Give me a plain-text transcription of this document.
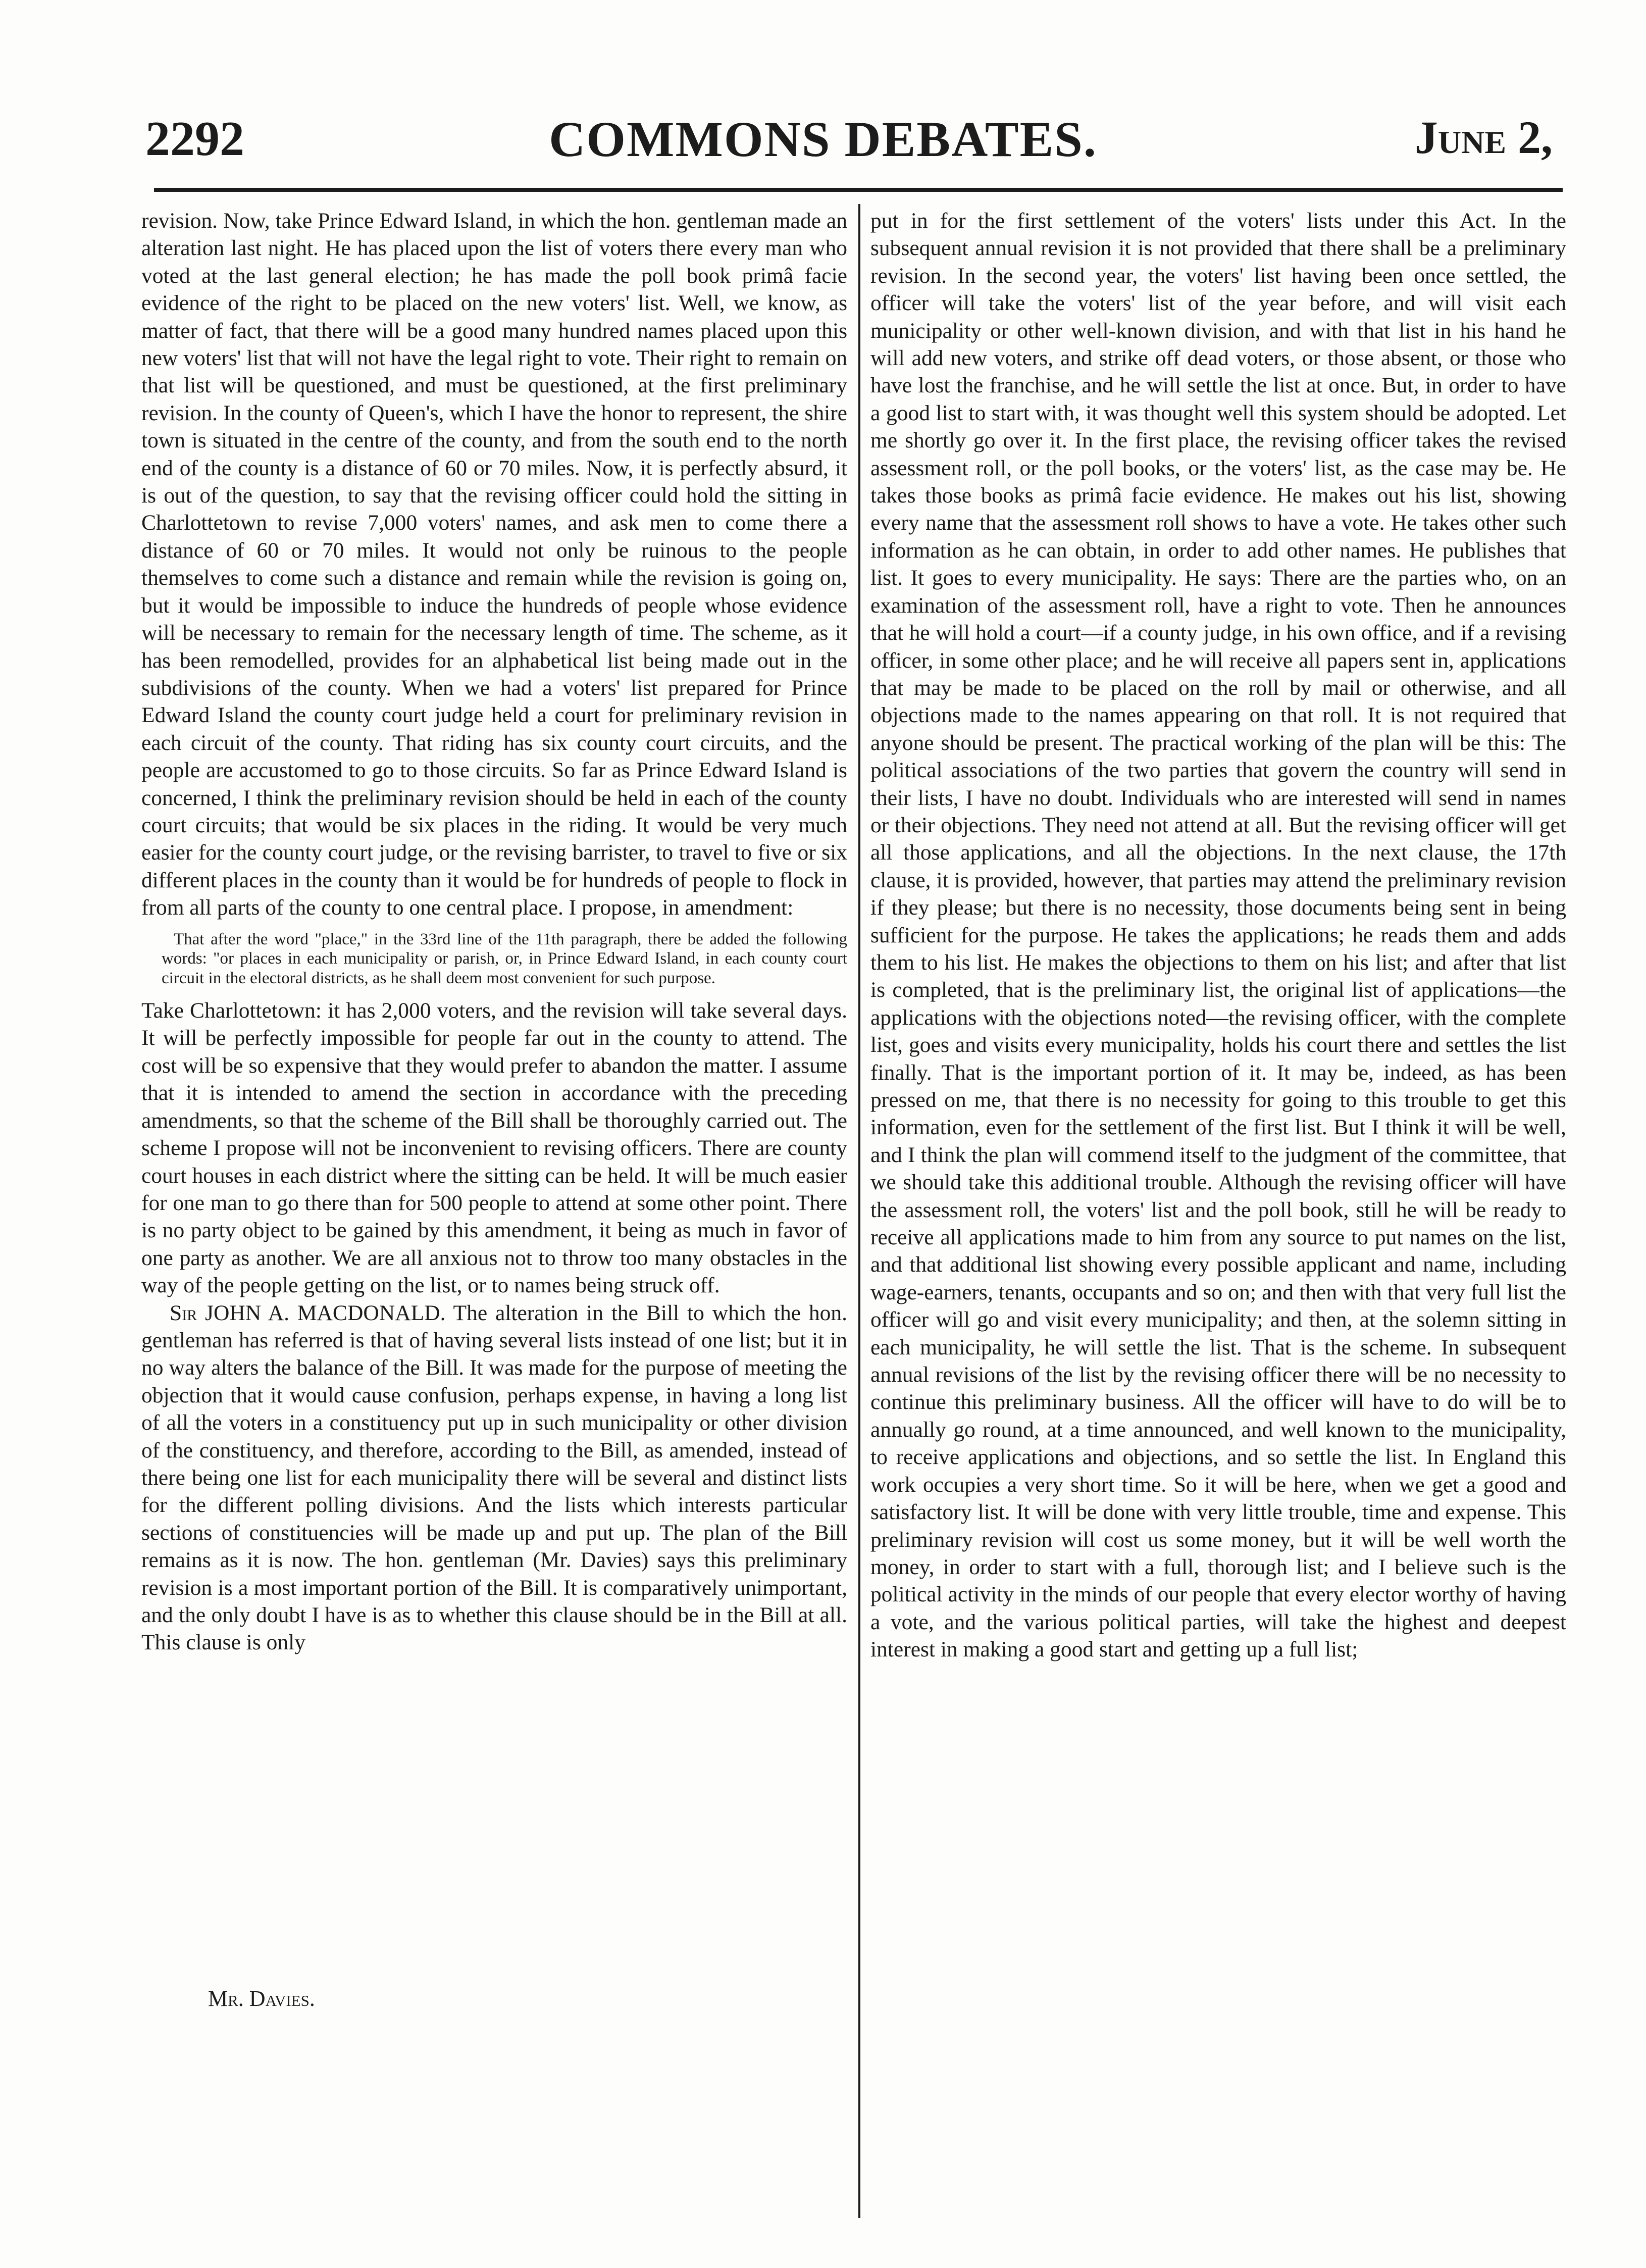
2292	COMMONS DEBATES.	June 2,

revision. Now, take Prince Edward Island, in which the hon. gentleman made an alteration last night. He has placed upon the list of voters there every man who voted at the last general election; he has made the poll book primâ facie evidence of the right to be placed on the new voters' list. Well, we know, as matter of fact, that there will be a good many hundred names placed upon this new voters' list that will not have the legal right to vote. Their right to remain on that list will be questioned, and must be questioned, at the first preliminary revision. In the county of Queen's, which I have the honor to represent, the shire town is situated in the centre of the county, and from the south end to the north end of the county is a distance of 60 or 70 miles. Now, it is perfectly absurd, it is out of the question, to say that the revising officer could hold the sitting in Charlottetown to revise 7,000 voters' names, and ask men to come there a distance of 60 or 70 miles. It would not only be ruinous to the people themselves to come such a distance and remain while the revision is going on, but it would be impossible to induce the hundreds of people whose evidence will be necessary to remain for the necessary length of time. The scheme, as it has been remodelled, provides for an alphabetical list being made out in the subdivisions of the county. When we had a voters' list prepared for Prince Edward Island the county court judge held a court for preliminary revision in each circuit of the county. That riding has six county court circuits, and the people are accustomed to go to those circuits. So far as Prince Edward Island is concerned, I think the preliminary revision should be held in each of the county court circuits; that would be six places in the riding. It would be very much easier for the county court judge, or the revising barrister, to travel to five or six different places in the county than it would be for hundreds of people to flock in from all parts of the county to one central place. I propose, in amendment:

That after the word "place," in the 33rd line of the 11th paragraph, there be added the following words: "or places in each municipality or parish, or, in Prince Edward Island, in each county court circuit in the electoral districts, as he shall deem most convenient for such purpose.

Take Charlottetown: it has 2,000 voters, and the revision will take several days. It will be perfectly impossible for people far out in the county to attend. The cost will be so expensive that they would prefer to abandon the matter. I assume that it is intended to amend the section in accordance with the preceding amendments, so that the scheme of the Bill shall be thoroughly carried out. The scheme I propose will not be inconvenient to revising officers. There are county court houses in each district where the sitting can be held. It will be much easier for one man to go there than for 500 people to attend at some other point. There is no party object to be gained by this amendment, it being as much in favor of one party as another. We are all anxious not to throw too many obstacles in the way of the people getting on the list, or to names being struck off.

Sir JOHN A. MACDONALD. The alteration in the Bill to which the hon. gentleman has referred is that of having several lists instead of one list; but it in no way alters the balance of the Bill. It was made for the purpose of meeting the objection that it would cause confusion, perhaps expense, in having a long list of all the voters in a constituency put up in such municipality or other division of the constituency, and therefore, according to the Bill, as amended, instead of there being one list for each municipality there will be several and distinct lists for the different polling divisions. And the lists which interests particular sections of constituencies will be made up and put up. The plan of the Bill remains as it is now. The hon. gentleman (Mr. Davies) says this preliminary revision is a most important portion of the Bill. It is comparatively unimportant, and the only doubt I have is as to whether this clause should be in the Bill at all. This clause is only

put in for the first settlement of the voters' lists under this Act. In the subsequent annual revision it is not provided that there shall be a preliminary revision. In the second year, the voters' list having been once settled, the officer will take the voters' list of the year before, and will visit each municipality or other well-known division, and with that list in his hand he will add new voters, and strike off dead voters, or those absent, or those who have lost the franchise, and he will settle the list at once. But, in order to have a good list to start with, it was thought well this system should be adopted. Let me shortly go over it. In the first place, the revising officer takes the revised assessment roll, or the poll books, or the voters' list, as the case may be. He takes those books as primâ facie evidence. He makes out his list, showing every name that the assessment roll shows to have a vote. He takes other such information as he can obtain, in order to add other names. He publishes that list. It goes to every municipality. He says: There are the parties who, on an examination of the assessment roll, have a right to vote. Then he announces that he will hold a court—if a county judge, in his own office, and if a revising officer, in some other place; and he will receive all papers sent in, applications that may be made to be placed on the roll by mail or otherwise, and all objections made to the names appearing on that roll. It is not required that anyone should be present. The practical working of the plan will be this: The political associations of the two parties that govern the country will send in their lists, I have no doubt. Individuals who are interested will send in names or their objections. They need not attend at all. But the revising officer will get all those applications, and all the objections. In the next clause, the 17th clause, it is provided, however, that parties may attend the preliminary revision if they please; but there is no necessity, those documents being sent in being sufficient for the purpose. He takes the applications; he reads them and adds them to his list. He makes the objections to them on his list; and after that list is completed, that is the preliminary list, the original list of applications—the applications with the objections noted—the revising officer, with the complete list, goes and visits every municipality, holds his court there and settles the list finally. That is the important portion of it. It may be, indeed, as has been pressed on me, that there is no necessity for going to this trouble to get this information, even for the settlement of the first list. But I think it will be well, and I think the plan will commend itself to the judgment of the committee, that we should take this additional trouble. Although the revising officer will have the assessment roll, the voters' list and the poll book, still he will be ready to receive all applications made to him from any source to put names on the list, and that additional list showing every possible applicant and name, including wage-earners, tenants, occupants and so on; and then with that very full list the officer will go and visit every municipality; and then, at the solemn sitting in each municipality, he will settle the list. That is the scheme. In subsequent annual revisions of the list by the revising officer there will be no necessity to continue this preliminary business. All the officer will have to do will be to annually go round, at a time announced, and well known to the municipality, to receive applications and objections, and so settle the list. In England this work occupies a very short time. So it will be here, when we get a good and satisfactory list. It will be done with very little trouble, time and expense. This preliminary revision will cost us some money, but it will be well worth the money, in order to start with a full, thorough list; and I believe such is the political activity in the minds of our people that every elector worthy of having a vote, and the various political parties, will take the highest and deepest interest in making a good start and getting up a full list;

Mr. Davies.
